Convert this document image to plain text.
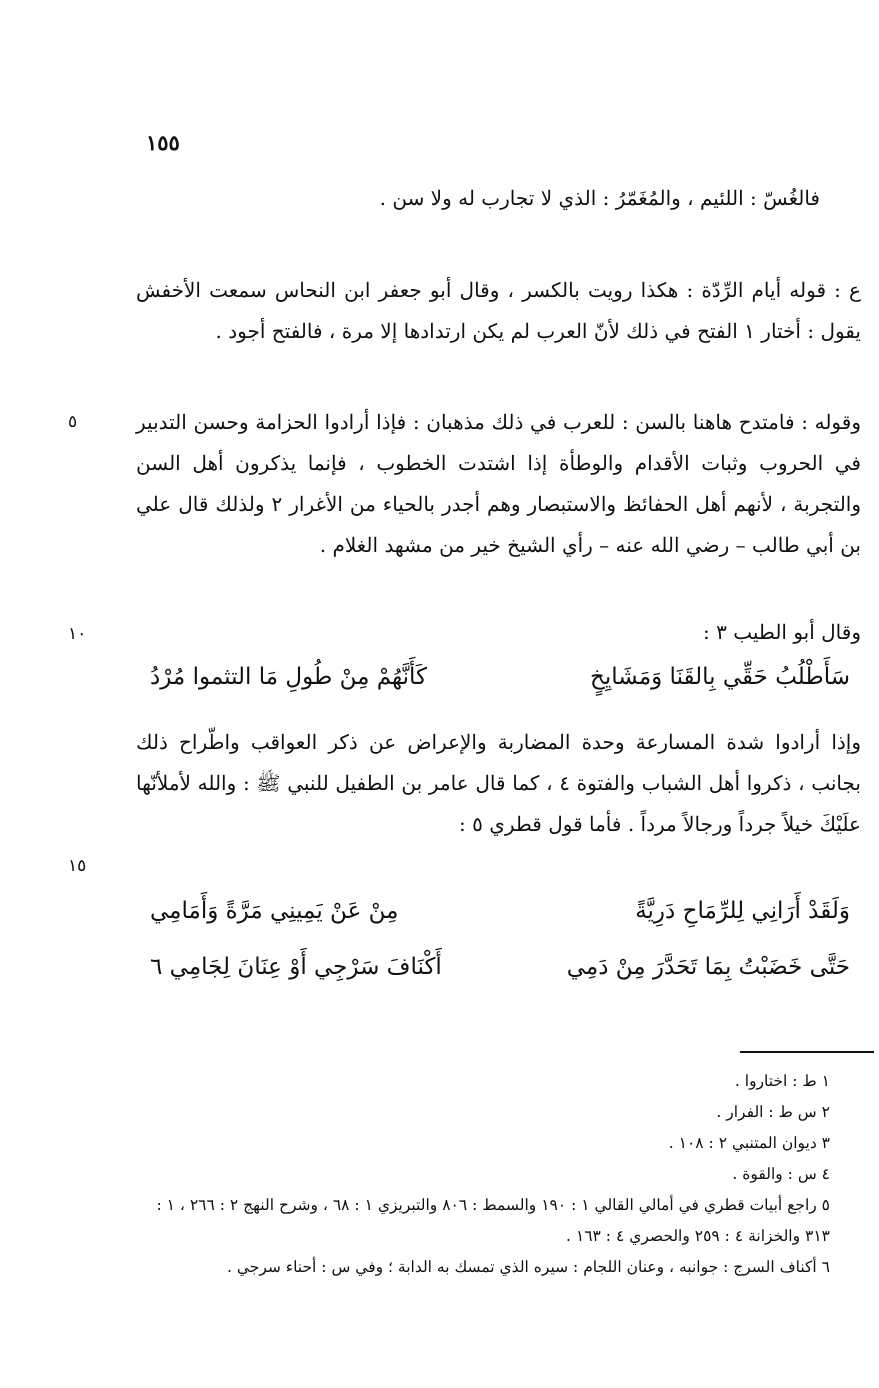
١٥٥

فالغُسّ : اللئيم ، والمُغَمّرُ : الذي لا تجارب له ولا سن .

ع : قوله أيام الرِّدّة : هكذا رويت بالكسر ، وقال أبو جعفر ابن النحاس سمعت الأخفش يقول : أختار ١ الفتح في ذلك لأنّ العرب لم يكن ارتدادها إلا مرة ، فالفتح أجود .

٥	وقوله : فامتدح هاهنا بالسن : للعرب في ذلك مذهبان : فإذا أرادوا الحزامة وحسن التدبير في الحروب وثبات الأقدام والوطأة إذا اشتدت الخطوب ، فإنما يذكرون أهل السن والتجربة ، لأنهم أهل الحفائظ والاستبصار وهم أجدر بالحياء من الأغرار ٢ ولذلك قال علي بن أبي طالب – رضي الله عنه – رأي الشيخ خير من مشهد الغلام .

١٠	وقال أبو الطيب ٣ :

سَأَطْلُبُ حَقِّي بِالقَنَا وَمَشَايِخٍ
كَأَنَّهُمْ مِنْ طُولِ مَا التثموا مُرْدُ
١٥

وإذا أرادوا شدة المسارعة وحدة المضاربة والإعراض عن ذكر العواقب واطّراح ذلك بجانب ، ذكروا أهل الشباب والفتوة ٤ ، كما قال عامر بن الطفيل للنبي ﷺ : والله لأملأنّها علَيْكَ خيلاً جرداً ورجالاً مرداً . فأما قول قطري ٥ :

وَلَقَدْ أَرَانِي لِلرِّمَاحِ دَرِيَّةً
مِنْ عَنْ يَمِينِي مَرَّةً وَأَمَامِي
حَتَّى خَضَبْتُ بِمَا تَحَدَّرَ مِنْ دَمِي
أَكْنَافَ سَرْجِي أَوْ عِنَانَ لِجَامِي ٦
١ ط : اختاروا .
٢ س ط : الفرار .
٣ ديوان المتنبي ٢ : ١٠٨ .
٤ س : والقوة .
٥ راجع أبيات قطري في أمالي القالي ١ : ١٩٠ والسمط : ٨٠٦ والتبريزي ١ : ٦٨ ، وشرح النهج ٢ : ٢٦٦ ، ١ : ٣١٣ والخزانة ٤ : ٢٥٩ والحصري ٤ : ١٦٣ .
٦ أكناف السرج : جوانبه ، وعنان اللجام : سيره الذي تمسك به الدابة ؛ وفي س : أحناء سرجي .
